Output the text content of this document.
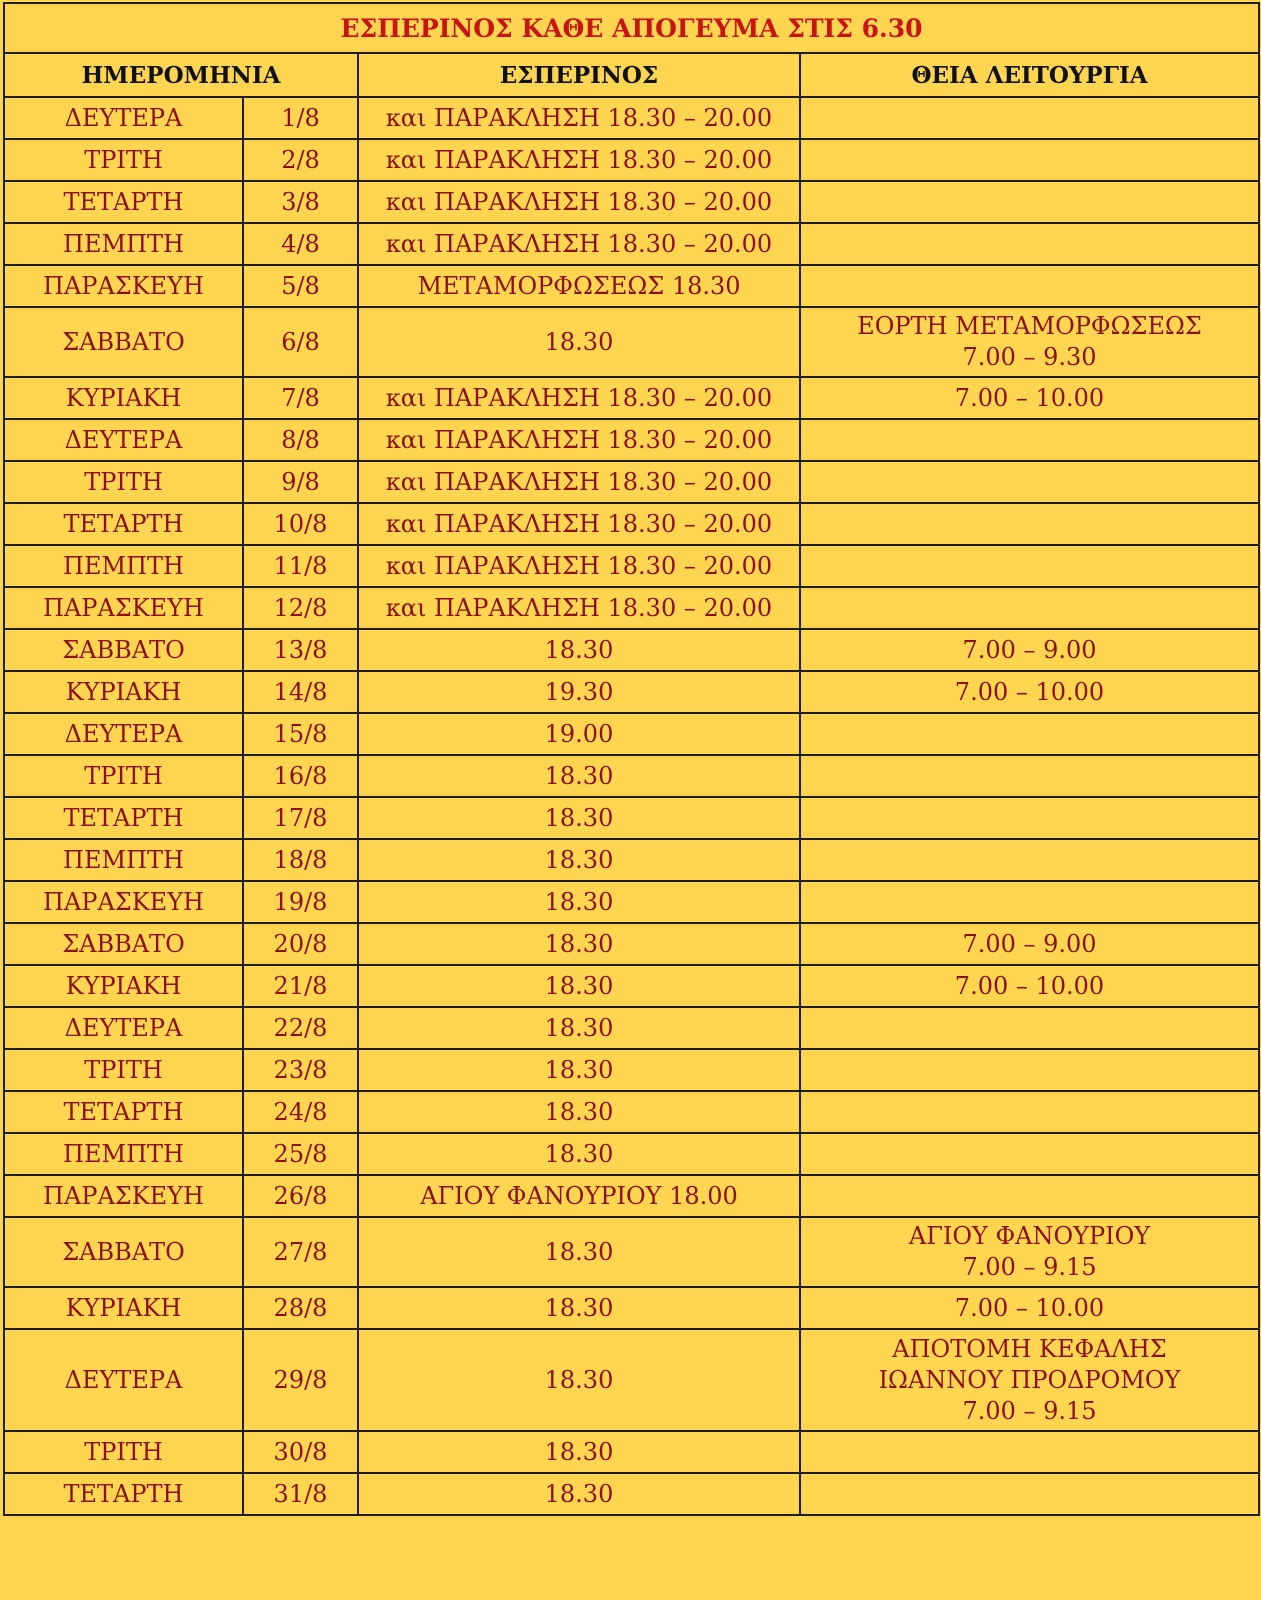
ΕΣΠΕΡΙΝΟΣ ΚΑΘΕ ΑΠΟΓΕΥΜΑ ΣΤΙΣ 6.30			
ΗΜΕΡΟΜΗΝΙΑ		ΕΣΠΕΡΙΝΟΣ	ΘΕΙΑ ΛΕΙΤΟΥΡΓΙΑ
ΔΕΥΤΕΡΑ	1/8	και ΠΑΡΑΚΛΗΣΗ 18.30 – 20.00	
ΤΡΙΤΗ	2/8	και ΠΑΡΑΚΛΗΣΗ 18.30 – 20.00	
ΤΕΤΑΡΤΗ	3/8	και ΠΑΡΑΚΛΗΣΗ 18.30 – 20.00	
ΠΕΜΠΤΗ	4/8	και ΠΑΡΑΚΛΗΣΗ 18.30 – 20.00	
ΠΑΡΑΣΚΕΥΗ	5/8	ΜΕΤΑΜΟΡΦΩΣΕΩΣ 18.30	
ΣΑΒΒΑΤΟ	6/8	18.30	ΕΟΡΤΗ ΜΕΤΑΜΟΡΦΩΣΕΩΣ
7.00 – 9.30
ΚΥΡΙΑΚΗ	7/8	και ΠΑΡΑΚΛΗΣΗ 18.30 – 20.00	7.00 – 10.00
ΔΕΥΤΕΡΑ	8/8	και ΠΑΡΑΚΛΗΣΗ 18.30 – 20.00	
ΤΡΙΤΗ	9/8	και ΠΑΡΑΚΛΗΣΗ 18.30 – 20.00	
ΤΕΤΑΡΤΗ	10/8	και ΠΑΡΑΚΛΗΣΗ 18.30 – 20.00	
ΠΕΜΠΤΗ	11/8	και ΠΑΡΑΚΛΗΣΗ 18.30 – 20.00	
ΠΑΡΑΣΚΕΥΗ	12/8	και ΠΑΡΑΚΛΗΣΗ 18.30 – 20.00	
ΣΑΒΒΑΤΟ	13/8	18.30	7.00 – 9.00
ΚΥΡΙΑΚΗ	14/8	19.30	7.00 – 10.00
ΔΕΥΤΕΡΑ	15/8	19.00	
ΤΡΙΤΗ	16/8	18.30	
ΤΕΤΑΡΤΗ	17/8	18.30	
ΠΕΜΠΤΗ	18/8	18.30	
ΠΑΡΑΣΚΕΥΗ	19/8	18.30	
ΣΑΒΒΑΤΟ	20/8	18.30	7.00 – 9.00
ΚΥΡΙΑΚΗ	21/8	18.30	7.00 – 10.00
ΔΕΥΤΕΡΑ	22/8	18.30	
ΤΡΙΤΗ	23/8	18.30	
ΤΕΤΑΡΤΗ	24/8	18.30	
ΠΕΜΠΤΗ	25/8	18.30	
ΠΑΡΑΣΚΕΥΗ	26/8	ΑΓΙΟΥ ΦΑΝΟΥΡΙΟΥ 18.00	
ΣΑΒΒΑΤΟ	27/8	18.30	ΑΓΙΟΥ ΦΑΝΟΥΡΙΟΥ
7.00 – 9.15
ΚΥΡΙΑΚΗ	28/8	18.30	7.00 – 10.00
ΔΕΥΤΕΡΑ	29/8	18.30	ΑΠΟΤΟΜΗ ΚΕΦΑΛΗΣ
ΙΩΑΝΝΟΥ ΠΡΟΔΡΟΜΟΥ
7.00 – 9.15
ΤΡΙΤΗ	30/8	18.30	
ΤΕΤΑΡΤΗ	31/8	18.30	
